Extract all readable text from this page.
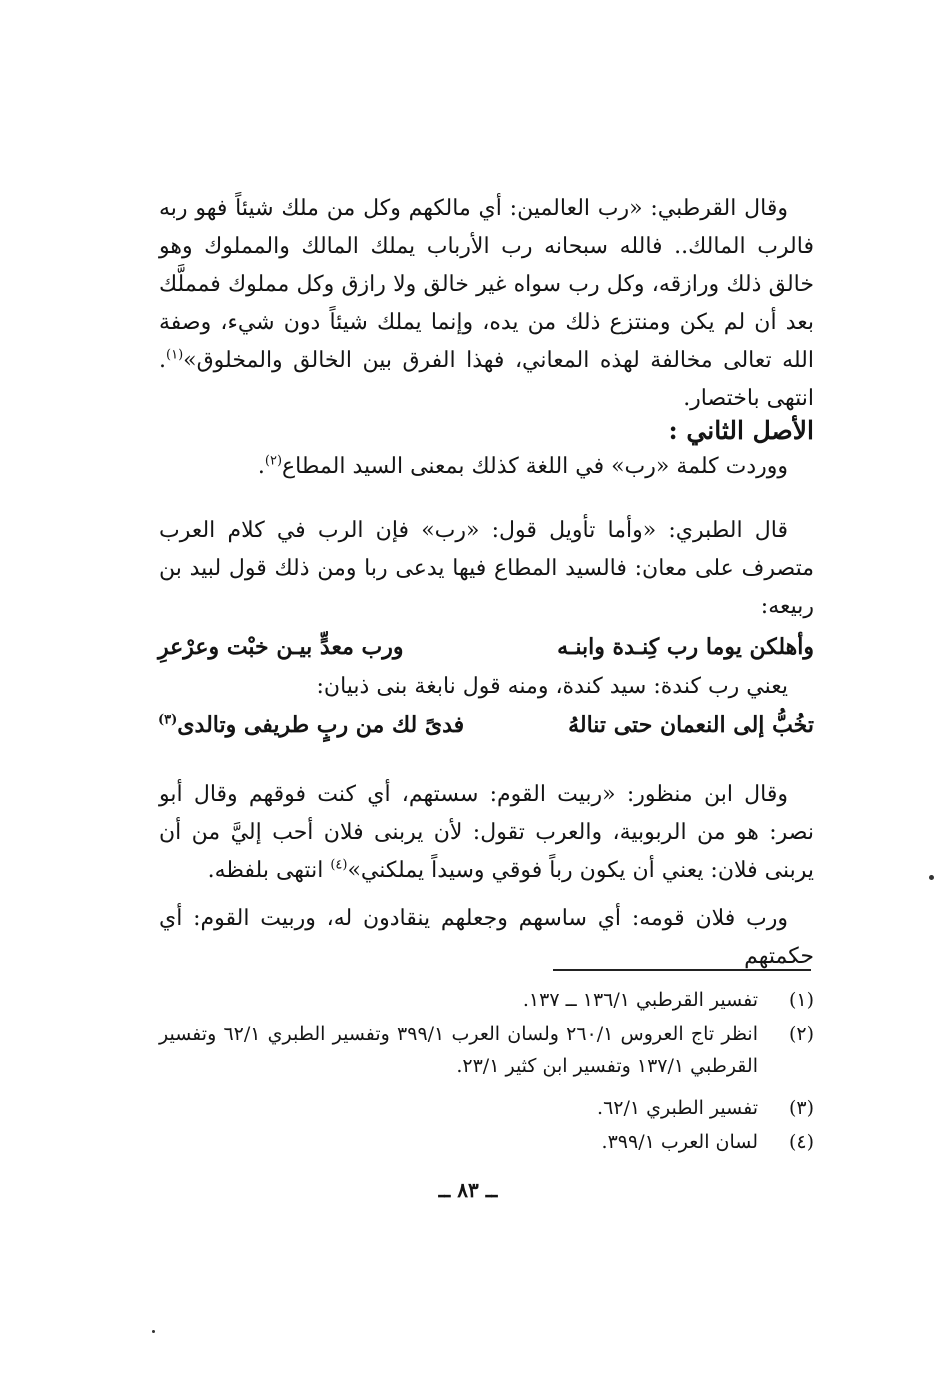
وقال القرطبي: «رب العالمين: أي مالكهم وكل من ملك شيئاً فهو ربه فالرب المالك.. فالله سبحانه رب الأرباب يملك المالك والمملوك وهو خالق ذلك ورازقه، وكل رب سواه غير خالق ولا رازق وكل مملوك فمملَّك بعد أن لم يكن ومنتزع ذلك من يده، وإنما يملك شيئاً دون شيء، وصفة الله تعالى مخالفة لهذه المعاني، فهذا الفرق بين الخالق والمخلوق»$^{(١)}$. انتهى باختصار.
الأصل الثاني :
ووردت كلمة «رب» في اللغة كذلك بمعنى السيد المطاع$^{(٢)}$.
قال الطبري: «وأما تأويل قول: «رب» فإن الرب في كلام العرب متصرف على معان: فالسيد المطاع فيها يدعى ربا ومن ذلك قول لبيد بن ربيعه:
وأهلكن يوما رب كِنـدة وابنـه
ورب معدٍّ بيـن خبْت وعرْعرِ
يعني رب كندة: سيد كندة، ومنه قول نابغة بنى ذبيان:
تخُبُّ إلى النعمان حتى تنالهُ
فدىً لك من ربٍ طريفى وتالدى$^{(٣)}$
وقال ابن منظور: «ربيت القوم: سستهم، أي كنت فوقهم وقال أبو نصر: هو من الربوبية، والعرب تقول: لأن يربنى فلان أحب إليَّ من أن يربنى فلان: يعني أن يكون رباً فوقي وسيداً يملكني»$^{(٤)}$ انتهى بلفظه.
ورب فلان قومه: أي ساسهم وجعلهم ينقادون له، وربيت القوم: أي حكمتهم
(١)
تفسير القرطبي ١٣٦/١ ــ ١٣٧.
(٢)
انظر تاج العروس ٢٦٠/١ ولسان العرب ٣٩٩/١ وتفسير الطبري ٦٢/١ وتفسير القرطبي ١٣٧/١ وتفسير ابن كثير ٢٣/١.
(٣)
تفسير الطبري ٦٢/١.
(٤)
لسان العرب ٣٩٩/١.
ــ ٨٣ ــ
